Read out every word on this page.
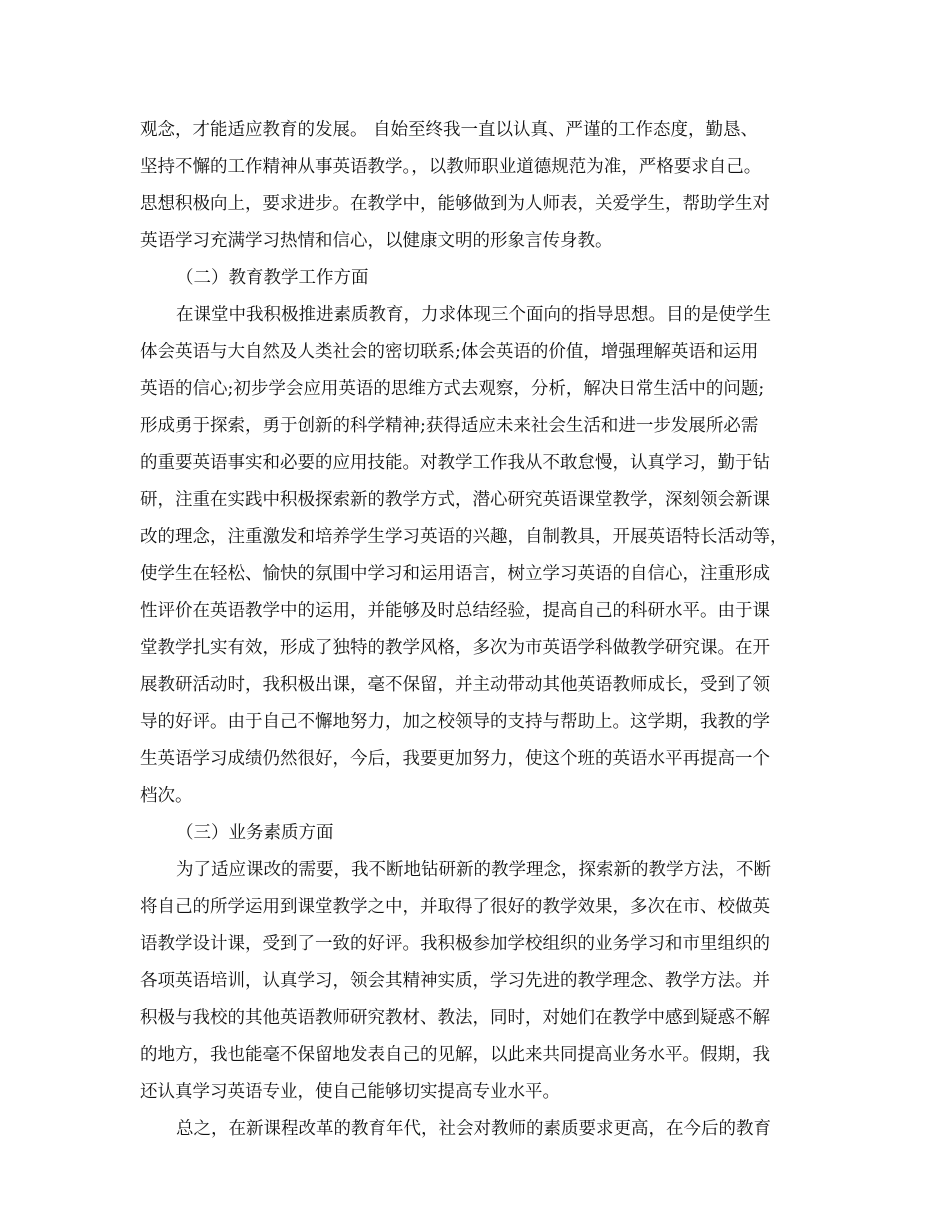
观念，才能适应教育的发展。 自始至终我一直以认真、严谨的工作态度，勤恳、
坚持不懈的工作精神从事英语教学。，以教师职业道德规范为准，严格要求自己。
思想积极向上，要求进步。在教学中，能够做到为人师表，关爱学生，帮助学生对
英语学习充满学习热情和信心，以健康文明的形象言传身教。
（二）教育教学工作方面
在课堂中我积极推进素质教育，力求体现三个面向的指导思想。目的是使学生
体会英语与大自然及人类社会的密切联系;体会英语的价值，增强理解英语和运用
英语的信心;初步学会应用英语的思维方式去观察，分析，解决日常生活中的问题;
形成勇于探索，勇于创新的科学精神;获得适应未来社会生活和进一步发展所必需
的重要英语事实和必要的应用技能。对教学工作我从不敢怠慢，认真学习，勤于钻
研，注重在实践中积极探索新的教学方式，潜心研究英语课堂教学，深刻领会新课
改的理念，注重激发和培养学生学习英语的兴趣，自制教具，开展英语特长活动等，
使学生在轻松、愉快的氛围中学习和运用语言，树立学习英语的自信心，注重形成
性评价在英语教学中的运用，并能够及时总结经验，提高自己的科研水平。由于课
堂教学扎实有效，形成了独特的教学风格，多次为市英语学科做教学研究课。在开
展教研活动时，我积极出课，毫不保留，并主动带动其他英语教师成长，受到了领
导的好评。由于自己不懈地努力，加之校领导的支持与帮助上。这学期，我教的学
生英语学习成绩仍然很好，今后，我要更加努力，使这个班的英语水平再提高一个
档次。
（三）业务素质方面
为了适应课改的需要，我不断地钻研新的教学理念，探索新的教学方法，不断
将自己的所学运用到课堂教学之中，并取得了很好的教学效果，多次在市、校做英
语教学设计课，受到了一致的好评。我积极参加学校组织的业务学习和市里组织的
各项英语培训，认真学习，领会其精神实质，学习先进的教学理念、教学方法。并
积极与我校的其他英语教师研究教材、教法，同时，对她们在教学中感到疑惑不解
的地方，我也能毫不保留地发表自己的见解，以此来共同提高业务水平。假期，我
还认真学习英语专业，使自己能够切实提高专业水平。
总之，在新课程改革的教育年代，社会对教师的素质要求更高，在今后的教育
